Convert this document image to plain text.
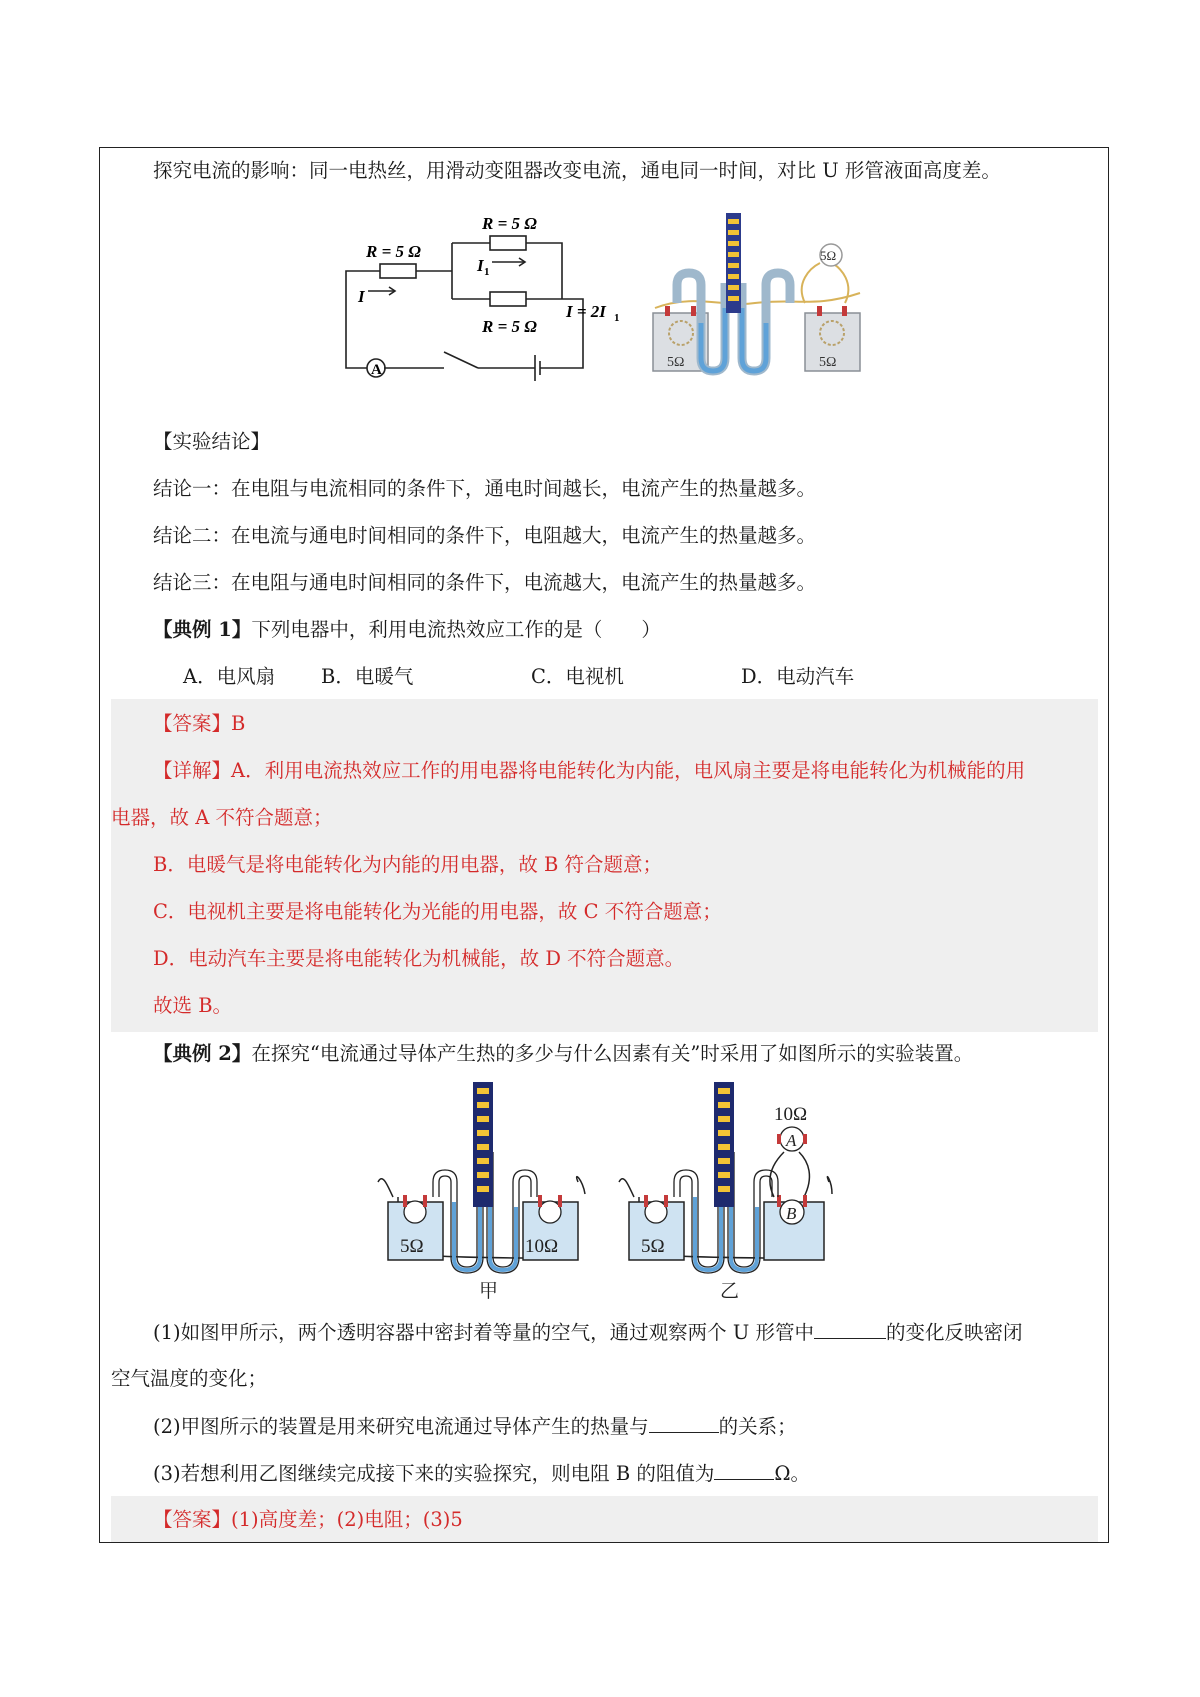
探究电流的影响：同一电热丝，用滑动变阻器改变电流，通电同一时间，对比 U 形管液面高度差。
R = 5 Ω
R = 5 Ω
R = 5 Ω
I
I 1
I = 2I 1
A	5Ω	5Ω
5Ω
【实验结论】
结论一：在电阻与电流相同的条件下，通电时间越长，电流产生的热量越多。
结论二：在电流与通电时间相同的条件下，电阻越大，电流产生的热量越多。
结论三：在电阻与通电时间相同的条件下，电流越大，电流产生的热量越多。
【典例 1】下列电器中，利用电流热效应工作的是（　　）
A．电风扇 B．电暖气	C．电视机	D．电动汽车
【答案】B
【详解】A．利用电流热效应工作的用电器将电能转化为内能，电风扇主要是将电能转化为机械能的用
电器，故 A 不符合题意；
B．电暖气是将电能转化为内能的用电器，故 B 符合题意；
C．电视机主要是将电能转化为光能的用电器，故 C 不符合题意；
D．电动汽车主要是将电能转化为机械能，故 D 不符合题意。
故选 B。
【典例 2】在探究“电流通过导体产生热的多少与什么因素有关”时采用了如图所示的实验装置。
5Ω	10Ω
甲
5Ω
B
A
10Ω
乙
(1)如图甲所示，两个透明容器中密封着等量的空气，通过观察两个 U 形管中	的变化反映密闭
空气温度的变化；
(2)甲图所示的装置是用来研究电流通过导体产生的热量与	的关系；
(3)若想利用乙图继续完成接下来的实验探究，则电阻 B 的阻值为	Ω。
【答案】(1)高度差；(2)电阻；(3)5
